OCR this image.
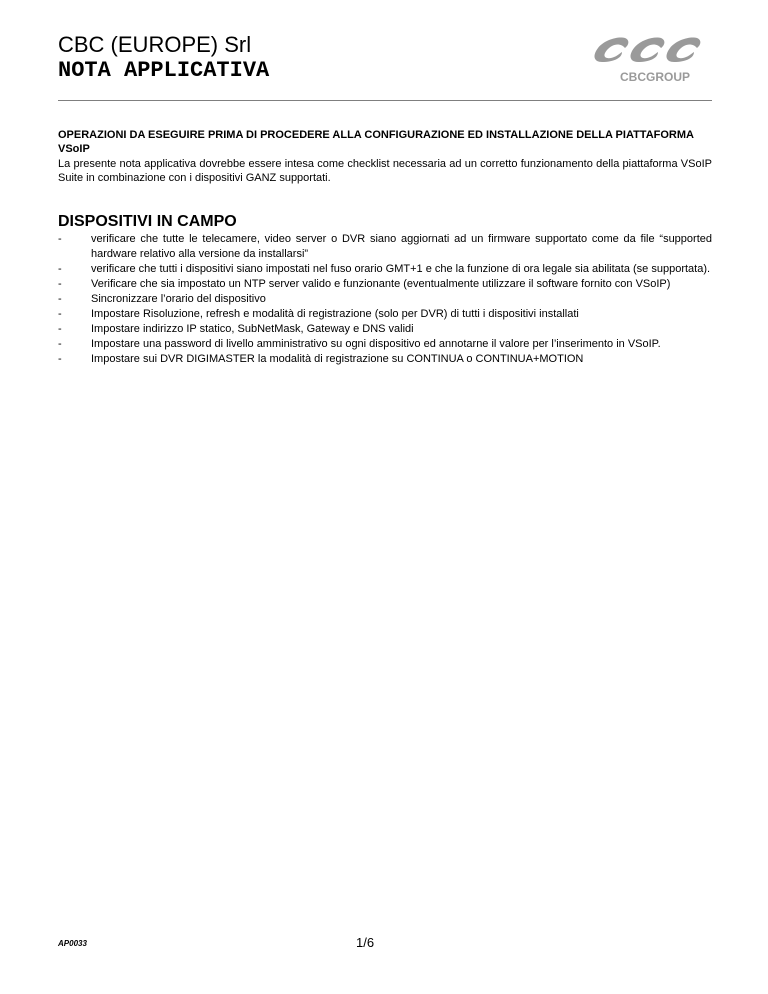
CBC (EUROPE) Srl
NOTA APPLICATIVA	CBCGROUP
OPERAZIONI DA ESEGUIRE PRIMA DI PROCEDERE ALLA CONFIGURAZIONE ED INSTALLAZIONE DELLA PIATTAFORMA VSoIP
La presente nota applicativa dovrebbe essere intesa come checklist necessaria ad un corretto funzionamento della piattaforma VSoIP Suite in combinazione con i dispositivi GANZ supportati.
DISPOSITIVI IN CAMPO
-	verificare che tutte le telecamere, video server o DVR siano aggiornati ad un firmware supportato come da file “supported hardware relativo alla versione da installarsi”
-	verificare che tutti i dispositivi siano impostati nel fuso orario GMT+1 e che la funzione di ora legale sia abilitata (se supportata).
-	Verificare che sia impostato un NTP server valido e funzionante (eventualmente utilizzare il software fornito con VSoIP)
-	Sincronizzare l’orario del dispositivo
-	Impostare Risoluzione, refresh e modalità di registrazione (solo per DVR) di tutti i dispositivi installati
-	Impostare indirizzo IP statico, SubNetMask, Gateway e DNS validi
-	Impostare una password di livello amministrativo su ogni dispositivo ed annotarne il valore per l’inserimento in VSoIP.
-	Impostare sui DVR DIGIMASTER la modalità di registrazione su CONTINUA o CONTINUA+MOTION
AP0033	1/6
